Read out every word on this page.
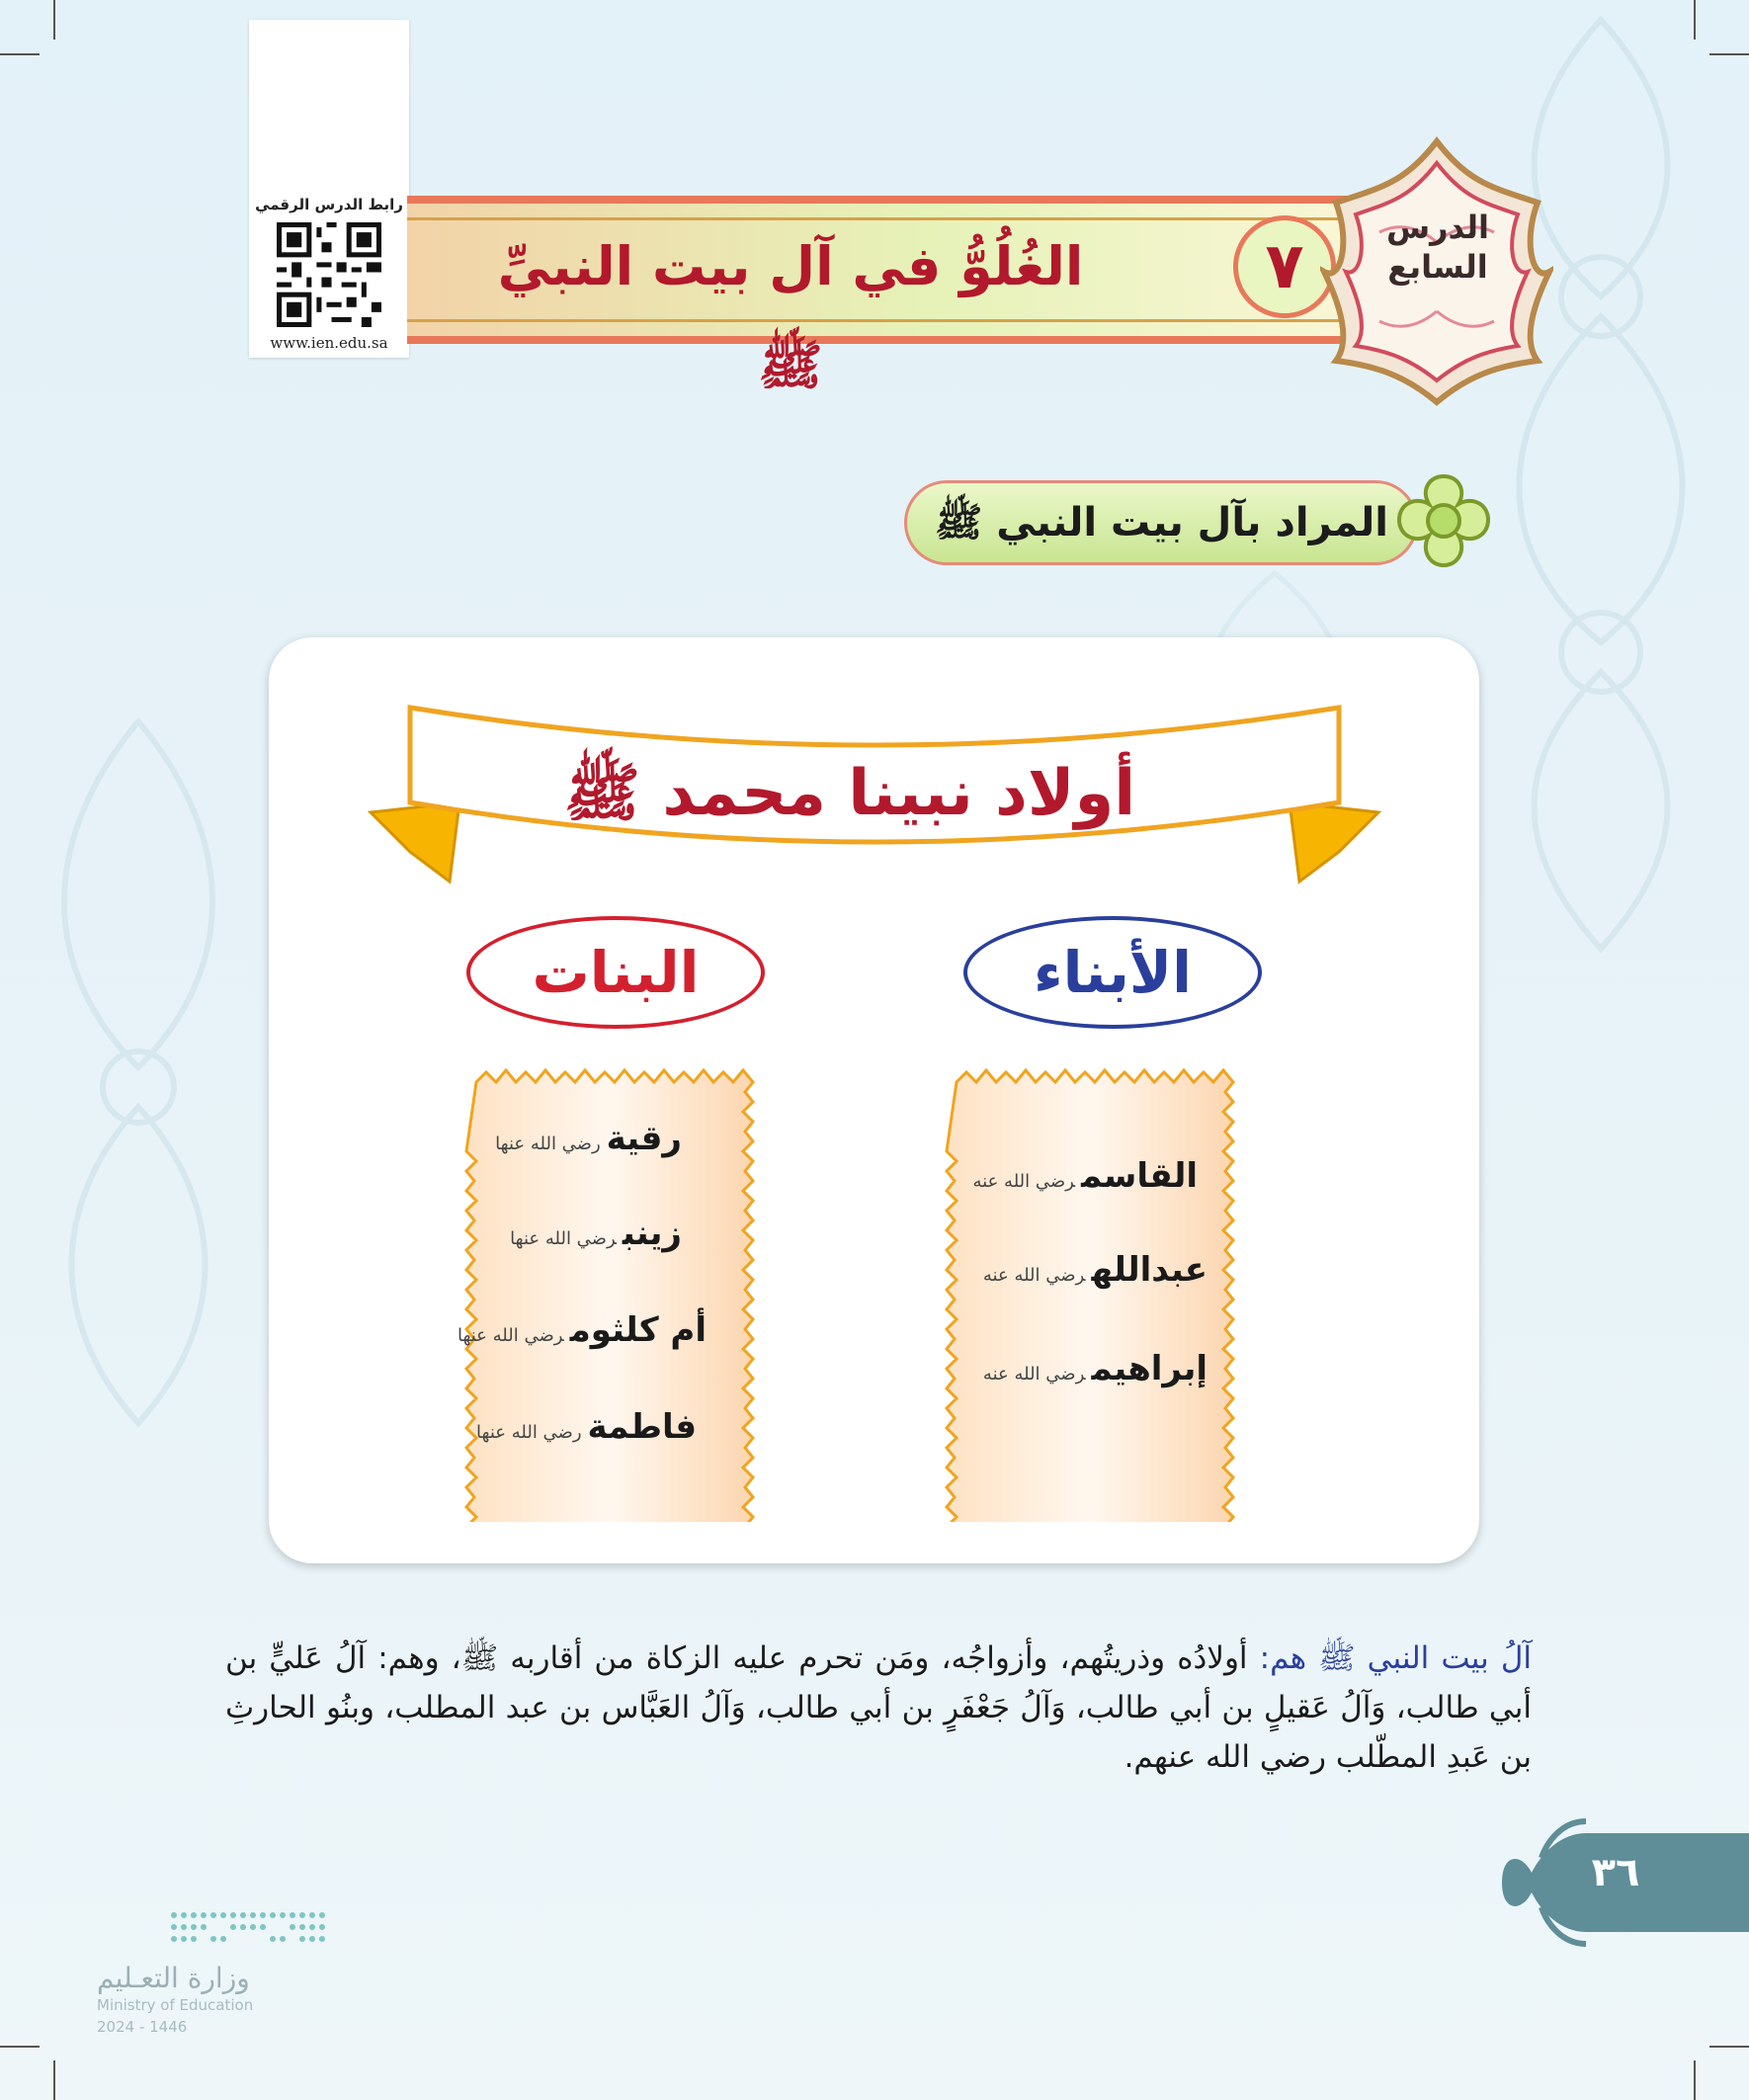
رابط الدرس الرقمي
www.ien.edu.sa
الغُلُوُّ في آل بيت النبيِّ ﷺ
٧
الدرس
السابع
المراد بآل بيت النبي ﷺ
أولاد نبينا محمد ﷺ
الأبناء
البنات
القاسمرضي الله عنه
عبداللهرضي الله عنه
إبراهيمرضي الله عنه
رقيةرضي الله عنها
زينبرضي الله عنها
أم كلثومرضي الله عنها
فاطمةرضي الله عنها
آلُ بيت النبي ﷺ هم: أولادُه وذريتُهم، وأزواجُه، ومَن تحرم عليه الزكاة من أقاربه ﷺ، وهم: آلُ عَليٍّ بن أبي طالب، وَآلُ عَقيلٍ بن أبي طالب، وَآلُ جَعْفَرٍ بن أبي طالب، وَآلُ العَبَّاس بن عبد المطلب، وبنُو الحارثِ بن عَبدِ المطّلب رضي الله عنهم.
٣٦
وزارة التعـليم
Ministry of Education
2024 - 1446
